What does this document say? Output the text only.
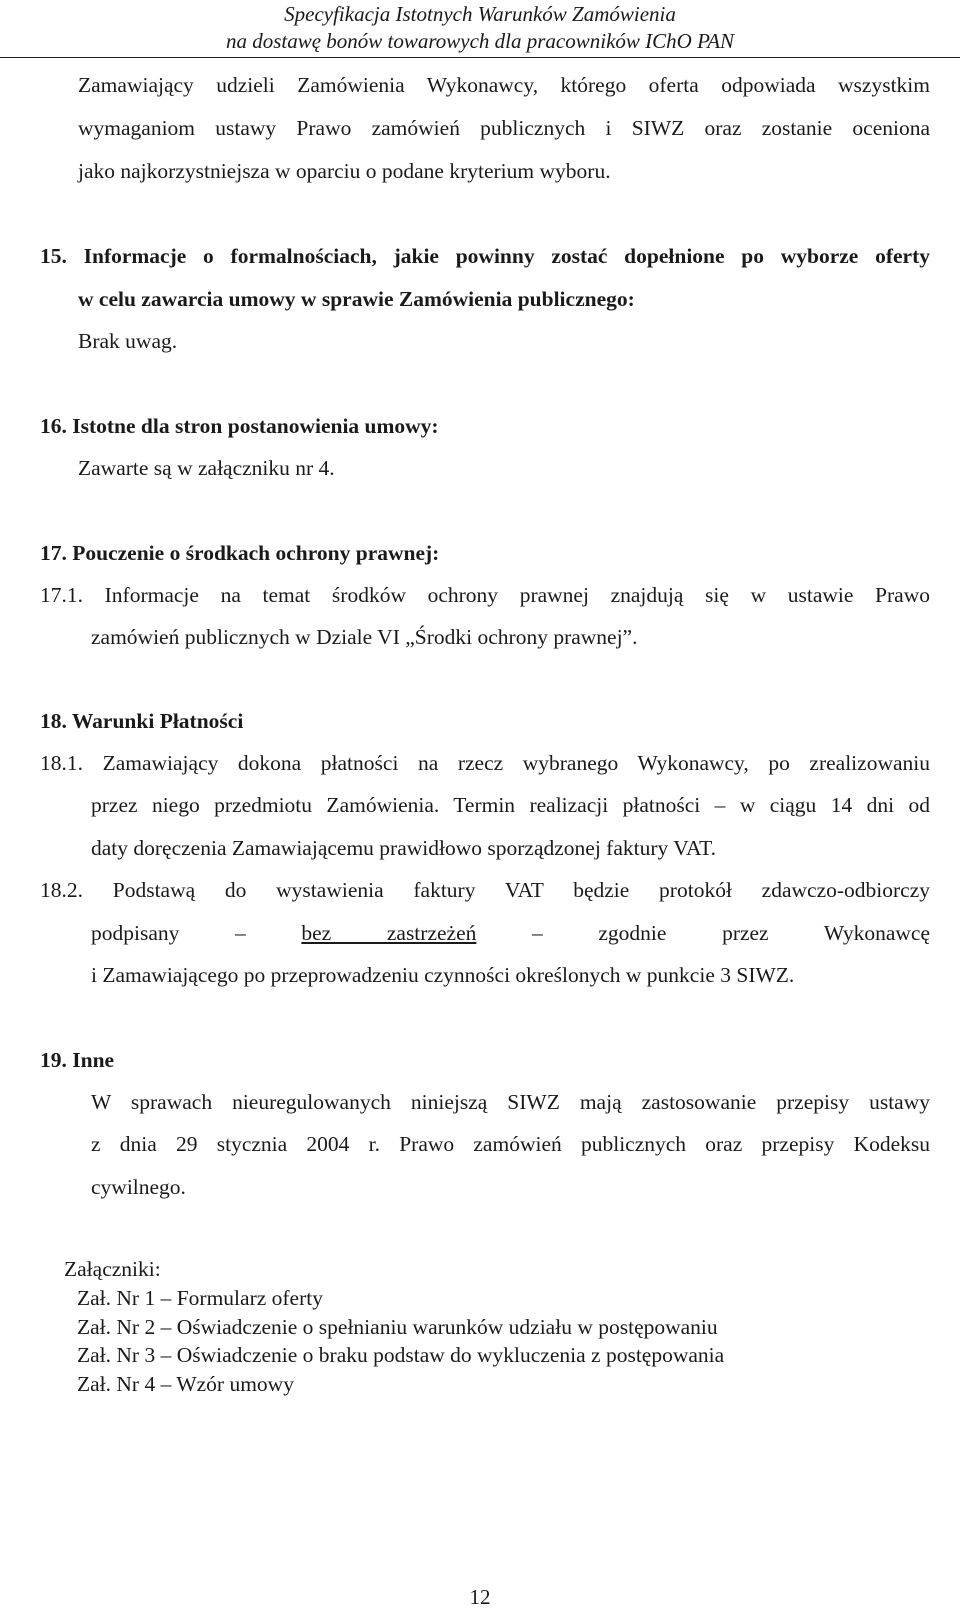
Specyfikacja Istotnych Warunków Zamówienia
na dostawę bonów towarowych dla pracowników IChO PAN

Zamawiający udzieli Zamówienia Wykonawcy, którego oferta odpowiada wszystkim

wymaganiom ustawy Prawo zamówień publicznych i SIWZ oraz zostanie oceniona

jako najkorzystniejsza w oparciu o podane kryterium wyboru.

15. Informacje o formalnościach, jakie powinny zostać dopełnione po wyborze oferty

w celu zawarcia umowy w sprawie Zamówienia publicznego:

Brak uwag.

16. Istotne dla stron postanowienia umowy:

Zawarte są w załączniku nr 4.

17. Pouczenie o środkach ochrony prawnej:

17.1. Informacje na temat środków ochrony prawnej znajdują się w ustawie Prawo

zamówień publicznych w Dziale VI „Środki ochrony prawnej”.

18. Warunki Płatności

18.1. Zamawiający dokona płatności na rzecz wybranego Wykonawcy, po zrealizowaniu

przez niego przedmiotu Zamówienia. Termin realizacji płatności – w ciągu 14 dni od

daty doręczenia Zamawiającemu prawidłowo sporządzonej faktury VAT.

18.2. Podstawą do wystawienia faktury VAT będzie protokół zdawczo-odbiorczy

podpisany – bez zastrzeżeń – zgodnie przez Wykonawcę

i Zamawiającego po przeprowadzeniu czynności określonych w punkcie 3 SIWZ.

19. Inne

W sprawach nieuregulowanych niniejszą SIWZ mają zastosowanie przepisy ustawy

z dnia 29 stycznia 2004 r. Prawo zamówień publicznych oraz przepisy Kodeksu

cywilnego.

Załączniki:

Zał. Nr 1 – Formularz oferty

Zał. Nr 2 – Oświadczenie o spełnianiu warunków udziału w postępowaniu

Zał. Nr 3 – Oświadczenie o braku podstaw do wykluczenia z postępowania

Zał. Nr 4 – Wzór umowy

12
